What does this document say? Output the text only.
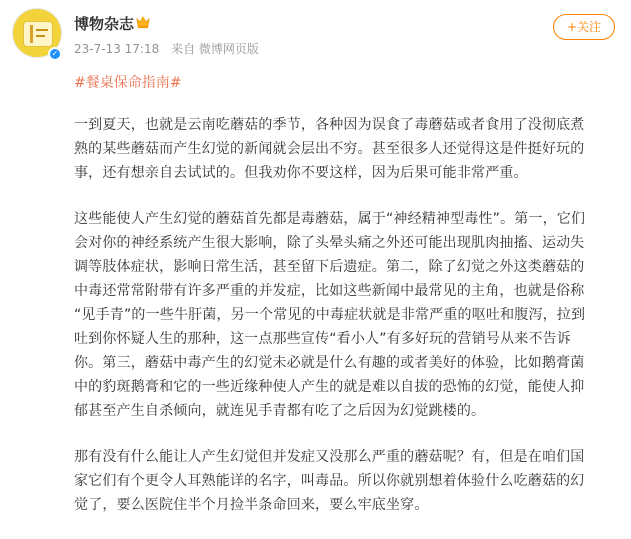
✓
博物杂志
23-7-13 17:18 来自 微博网页版
+关注
#餐桌保命指南#

一到夏天，也就是云南吃蘑菇的季节，各种因为误食了毒蘑菇或者食用了没彻底煮
熟的某些蘑菇而产生幻觉的新闻就会层出不穷。甚至很多人还觉得这是件挺好玩的
事，还有想亲自去试试的。但我劝你不要这样，因为后果可能非常严重。

这些能使人产生幻觉的蘑菇首先都是毒蘑菇，属于“神经精神型毒性”。第一，它们
会对你的神经系统产生很大影响，除了头晕头痛之外还可能出现肌肉抽搐、运动失
调等肢体症状，影响日常生活，甚至留下后遗症。第二，除了幻觉之外这类蘑菇的
中毒还常常附带有许多严重的并发症，比如这些新闻中最常见的主角，也就是俗称
“见手青”的一些牛肝菌，另一个常见的中毒症状就是非常严重的呕吐和腹泻，拉到
吐到你怀疑人生的那种，这一点那些宣传“看小人”有多好玩的营销号从来不告诉
你。第三，蘑菇中毒产生的幻觉未必就是什么有趣的或者美好的体验，比如鹅膏菌
中的豹斑鹅膏和它的一些近缘种使人产生的就是难以自拔的恐怖的幻觉，能使人抑
郁甚至产生自杀倾向，就连见手青都有吃了之后因为幻觉跳楼的。

那有没有什么能让人产生幻觉但并发症又没那么严重的蘑菇呢？有，但是在咱们国
家它们有个更令人耳熟能详的名字，叫毒品。所以你就别想着体验什么吃蘑菇的幻
觉了，要么医院住半个月捡半条命回来，要么牢底坐穿。
